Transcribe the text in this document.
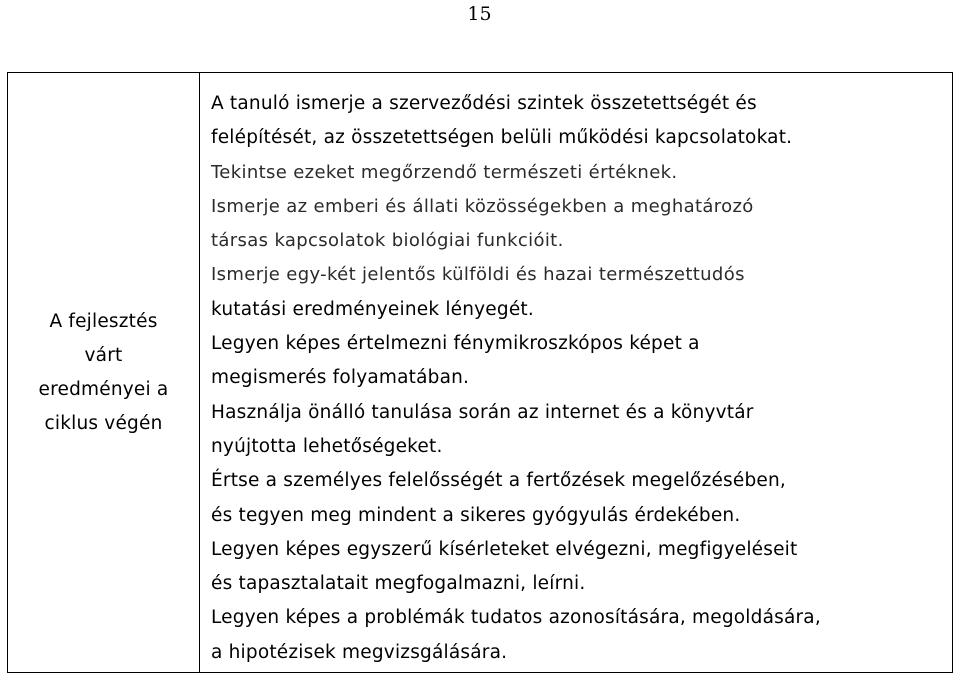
15
A fejlesztés
várt
eredményei a
ciklus végén

A tanuló ismerje a szerveződési szintek összetettségét és
felépítését, az összetettségen belüli működési kapcsolatokat.
Tekintse ezeket megőrzendő természeti értéknek.
Ismerje az emberi és állati közösségekben a meghatározó
társas kapcsolatok biológiai funkcióit.
Ismerje egy-két jelentős külföldi és hazai természettudós
kutatási eredményeinek lényegét.
Legyen képes értelmezni fénymikroszkópos képet a
megismerés folyamatában.
Használja önálló tanulása során az internet és a könyvtár
nyújtotta lehetőségeket.
Értse a személyes felelősségét a fertőzések megelőzésében,
és tegyen meg mindent a sikeres gyógyulás érdekében.
Legyen képes egyszerű kísérleteket elvégezni, megfigyeléseit
és tapasztalatait megfogalmazni, leírni.
Legyen képes a problémák tudatos azonosítására, megoldására,
a hipotézisek megvizsgálására.
